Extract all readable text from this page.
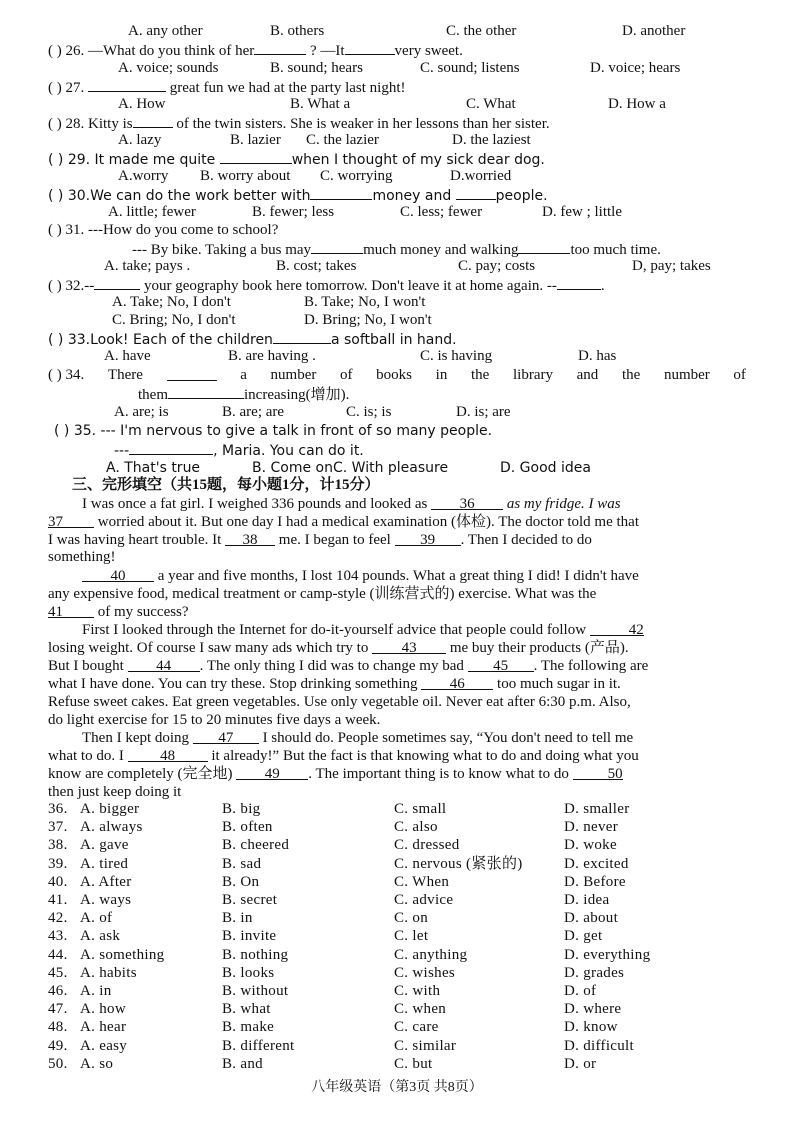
A. any other	B. others	C. the other	D. another
( ) 26. —What do you think of her	? —It	very sweet.
A. voice; sounds	B. sound; hears	C. sound; listens	D. voice; hears
( ) 27.	great fun we had at the party last night!
A. How	B. What a	C. What	D. How a
( ) 28. Kitty is	of the twin sisters. She is weaker in her lessons than her sister.
A. lazy	B. lazier C. the lazier	D. the laziest
( ) 29. It made me quite	when I thought of my sick dear dog.
A.worry B. worry about C. worrying	D.worried
( ) 30.We can do the work better with	money and	people.
A. little; fewer	B. fewer; less	C. less; fewer	D. few ; little
( ) 31. ---How do you come to school?
--- By bike. Taking a bus may	much money and walking	too much time.
A. take; pays .	B. cost; takes	C. pay; costs	D, pay; takes
( ) 32.--	your geography book here tomorrow. Don't leave it at home again. --	.
A. Take; No, I don't	B. Take; No, I won't
C. Bring; No, I don't	D. Bring; No, I won't
( ) 33.Look! Each of the children	a softball in hand.
A. have	B. are having .	C. is having	D. has
( ) 34. There	a number of books in the library and the number of
them	increasing(增加).
A. are; is	B. are; are	C. is; is	D. is; are
( ) 35. --- I'm nervous to give a talk in front of so many people.
---	, Maria. You can do it.
A. That's true	B. Come onC. With pleasure	D. Good idea
三、完形填空（共15题，每小题1分，计15分）
I was once a fat girl. I weighed 336 pounds and looked as 36 as my fridge. I was
37 worried about it. But one day I had a medical examination (体检). The doctor told me that
I was having heart trouble. It 38 me. I began to feel 39 . Then I decided to do
something!
40 a year and five months, I lost 104 pounds. What a great thing I did! I didn't have
any expensive food, medical treatment or camp-style (训练营式的) exercise. What was the
41 of my success?
First I looked through the Internet for do-it-yourself advice that people could follow	42
losing weight. Of course I saw many ads which try to 43 me buy their products (产品).
But I bought 44 . The only thing I did was to change my bad 45 . The following are
what I have done. You can try these. Stop drinking something 46 too much sugar in it.
Refuse sweet cakes. Eat green vegetables. Use only vegetable oil. Never eat after 6:30 p.m. Also,
do light exercise for 15 to 20 minutes five days a week.
Then I kept doing 47 I should do. People sometimes say, “You don't need to tell me
what to do. I 48 it already!” But the fact is that knowing what to do and doing what you
know are completely (完全地) 49 . The important thing is to know what to do	50
then just keep doing it
36. A. bigger	B. big	C. small	D. smaller
37. A. always	B. often	C. also	D. never
38. A. gave	B. cheered	C. dressed	D. woke
39. A. tired	B. sad	C. nervous (紧张的)	D. excited
40. A. After	B. On	C. When	D. Before
41. A. ways	B. secret	C. advice	D. idea
42. A. of	B. in	C. on	D. about
43. A. ask	B. invite	C. let	D. get
44. A. something	B. nothing	C. anything	D. everything
45. A. habits	B. looks	C. wishes	D. grades
46. A. in	B. without	C. with	D. of
47. A. how	B. what	C. when	D. where
48. A. hear	B. make	C. care	D. know
49. A. easy	B. different	C. similar	D. difficult
50. A. so	B. and	C. but	D. or
八年级英语（第3页 共8页）
